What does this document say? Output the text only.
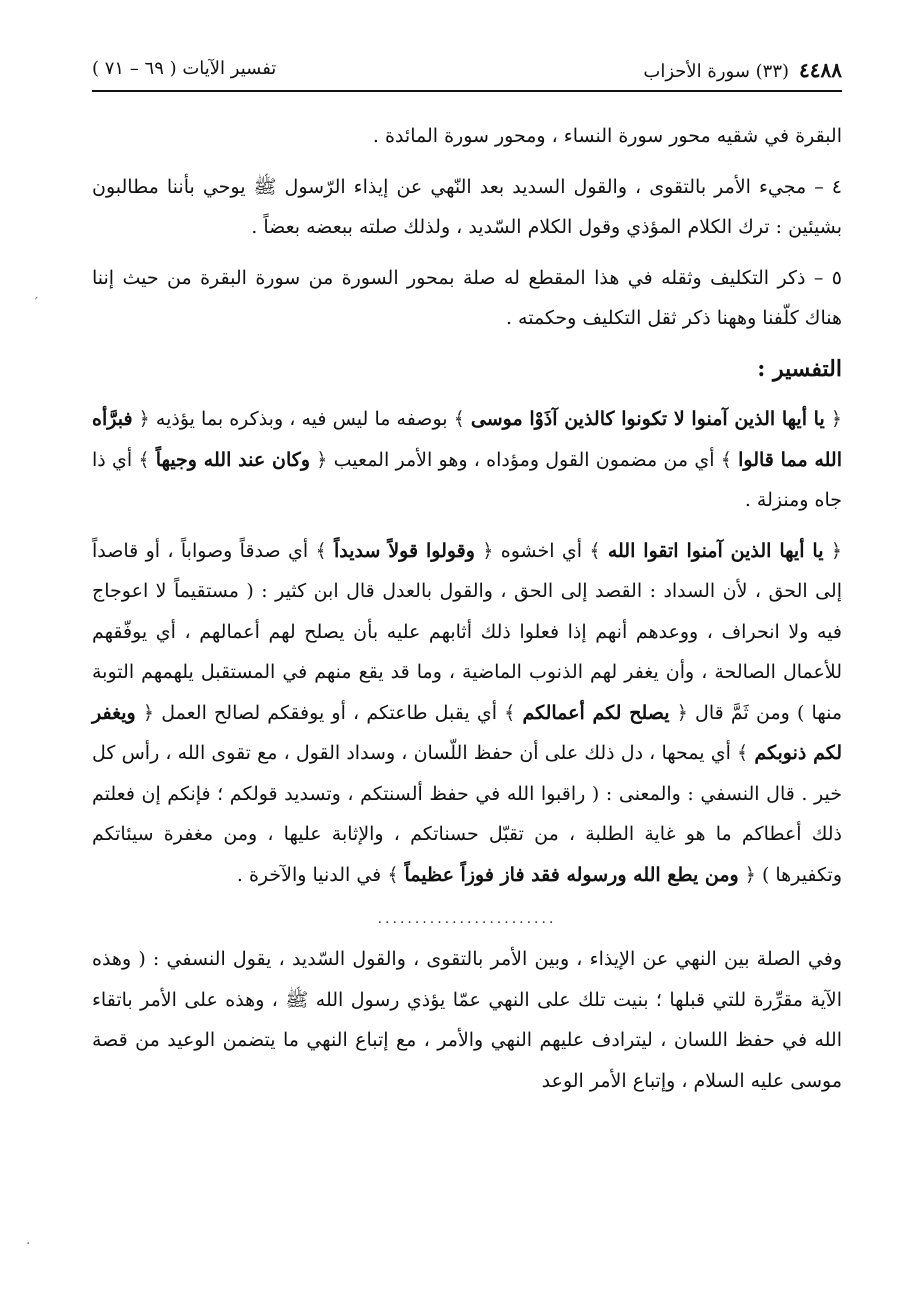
٤٤٨٨
(٣٣) سورة الأحزاب
تفسير الآيات ( ٦٩ – ٧١ )

البقرة في شقيه محور سورة النساء ، ومحور سورة المائدة .

٤ – مجيء الأمر بالتقوى ، والقول السديد بعد النّهي عن إيذاء الرّسول ﷺ يوحي بأننا مطالبون بشيئين : ترك الكلام المؤذي وقول الكلام السّديد ، ولذلك صلته ببعضه بعضاً .

٥ – ذكر التكليف وثقله في هذا المقطع له صلة بمحور السورة من سورة البقرة من حيث إننا هناك كلّفنا وههنا ذكر ثقل التكليف وحكمته .

التفسير :

﴿ يا أيها الذين آمنوا لا تكونوا كالذين آذَوْا موسى ﴾ بوصفه ما ليس فيه ، وبذكره بما يؤذيه ﴿ فبرَّأه الله مما قالوا ﴾ أي من مضمون القول ومؤداه ، وهو الأمر المعيب ﴿ وكان عند الله وجيهاً ﴾ أي ذا جاه ومنزلة .

﴿ يا أيها الذين آمنوا اتقوا الله ﴾ أي اخشوه ﴿ وقولوا قولاً سديداً ﴾ أي صدقاً وصواباً ، أو قاصداً إلى الحق ، لأن السداد : القصد إلى الحق ، والقول بالعدل قال ابن كثير : ( مستقيماً لا اعوجاج فيه ولا انحراف ، ووعدهم أنهم إذا فعلوا ذلك أثابهم عليه بأن يصلح لهم أعمالهم ، أي يوفّقهم للأعمال الصالحة ، وأن يغفر لهم الذنوب الماضية ، وما قد يقع منهم في المستقبل يلهمهم التوبة منها ) ومن ثَمَّ قال ﴿ يصلح لكم أعمالكم ﴾ أي يقبل طاعتكم ، أو يوفقكم لصالح العمل ﴿ ويغفر لكم ذنوبكم ﴾ أي يمحها ، دل ذلك على أن حفظ اللّسان ، وسداد القول ، مع تقوى الله ، رأس كل خير . قال النسفي : والمعنى : ( راقبوا الله في حفظ ألسنتكم ، وتسديد قولكم ؛ فإنكم إن فعلتم ذلك أعطاكم ما هو غاية الطلبة ، من تقبّل حسناتكم ، والإثابة عليها ، ومن مغفرة سيئاتكم وتكفيرها ) ﴿ ومن يطع الله ورسوله فقد فاز فوزاً عظيماً ﴾ في الدنيا والآخرة .

........................

وفي الصلة بين النهي عن الإيذاء ، وبين الأمر بالتقوى ، والقول السّديد ، يقول النسفي : ( وهذه الآية مقرِّرة للتي قبلها ؛ بنيت تلك على النهي عمّا يؤذي رسول الله ﷺ ، وهذه على الأمر باتقاء الله في حفظ اللسان ، ليترادف عليهم النهي والأمر ، مع إتباع النهي ما يتضمن الوعيد من قصة موسى عليه السلام ، وإتباع الأمر الوعد

ˊ
·
